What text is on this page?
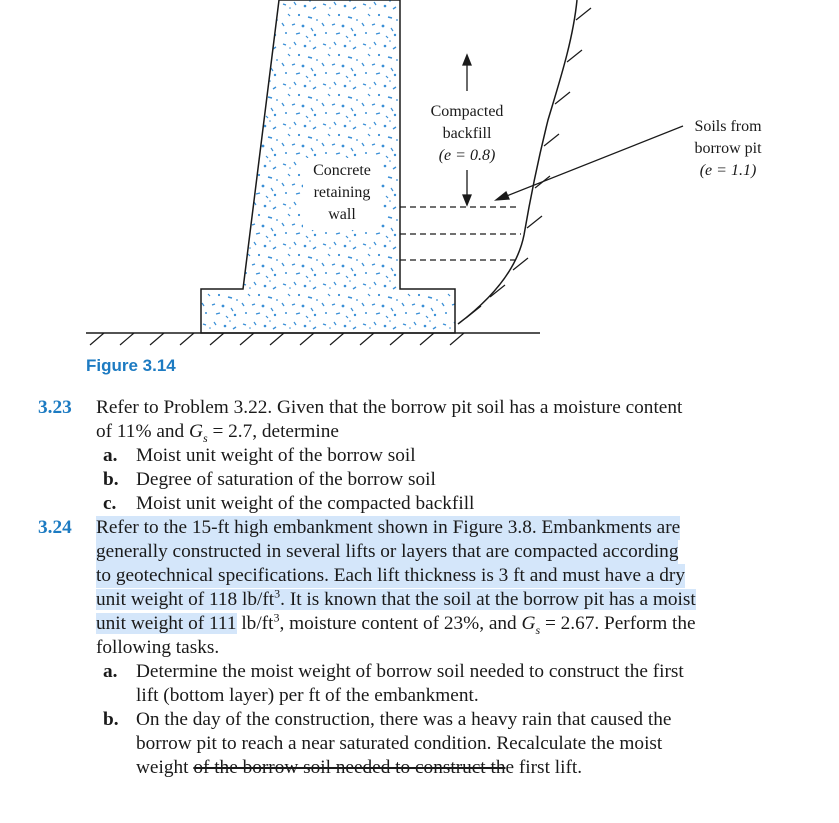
Compacted
backfill
(e = 0.8)
Soils from
borrow pit
(e = 1.1)
Concrete
retaining
wall
Figure 3.14
3.23 Refer to Problem 3.22. Given that the borrow pit soil has a moisture content
of 11% and $G_s = 2.7$, determine
a. Moist unit weight of the borrow soil
b. Degree of saturation of the borrow soil
c. Moist unit weight of the compacted backfill
3.24 Refer to the 15-ft high embankment shown in Figure 3.8. Embankments are
generally constructed in several lifts or layers that are compacted according
to geotechnical specifications. Each lift thickness is 3 ft and must have a dry
unit weight of 118 $lb/ft^3$. It is known that the soil at the borrow pit has a moist
unit weight of 111 $lb/ft^3$, moisture content of 23%, and $G_s = 2.67$. Perform the
following tasks.
a. Determine the moist weight of borrow soil needed to construct the first
lift (bottom layer) per ft of the embankment.
b. On the day of the construction, there was a heavy rain that caused the
borrow pit to reach a near saturated condition. Recalculate the moist
weight of the borrow soil needed to construct the first lift.
